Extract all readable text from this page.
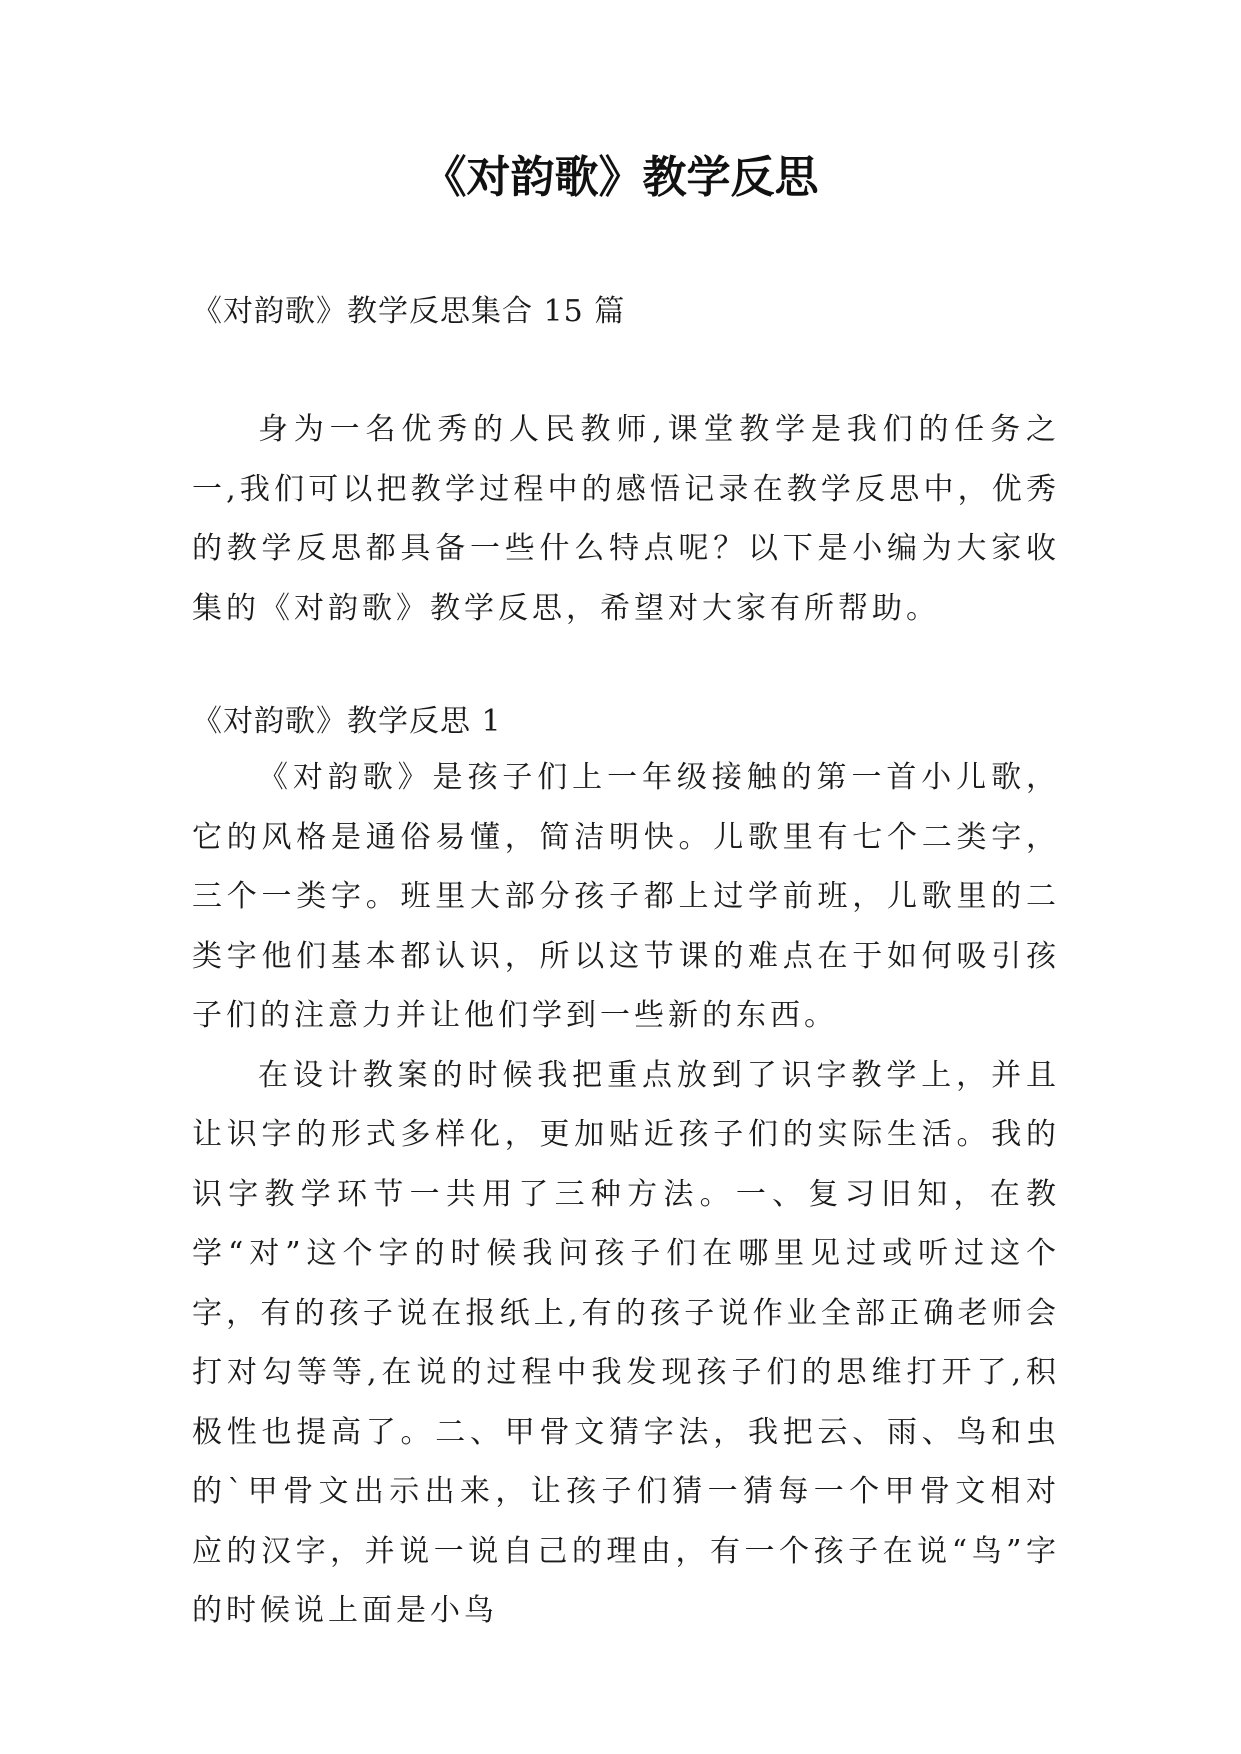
《对韵歌》教学反思

《对韵歌》教学反思集合 15 篇

身为一名优秀的人民教师,课堂教学是我们的任务之一,我们可以把教学过程中的感悟记录在教学反思中，优秀的教学反思都具备一些什么特点呢？以下是小编为大家收集的《对韵歌》教学反思，希望对大家有所帮助。

《对韵歌》教学反思 1

《对韵歌》是孩子们上一年级接触的第一首小儿歌，它的风格是通俗易懂，简洁明快。儿歌里有七个二类字，三个一类字。班里大部分孩子都上过学前班，儿歌里的二类字他们基本都认识，所以这节课的难点在于如何吸引孩子们的注意力并让他们学到一些新的东西。

在设计教案的时候我把重点放到了识字教学上，并且让识字的形式多样化，更加贴近孩子们的实际生活。我的识字教学环节一共用了三种方法。一、复习旧知，在教学“对”这个字的时候我问孩子们在哪里见过或听过这个字，有的孩子说在报纸上,有的孩子说作业全部正确老师会打对勾等等,在说的过程中我发现孩子们的思维打开了,积极性也提高了。二、甲骨文猜字法，我把云、雨、鸟和虫的`甲骨文出示出来，让孩子们猜一猜每一个甲骨文相对应的汉字，并说一说自己的理由，有一个孩子在说“鸟”字的时候说上面是小鸟
